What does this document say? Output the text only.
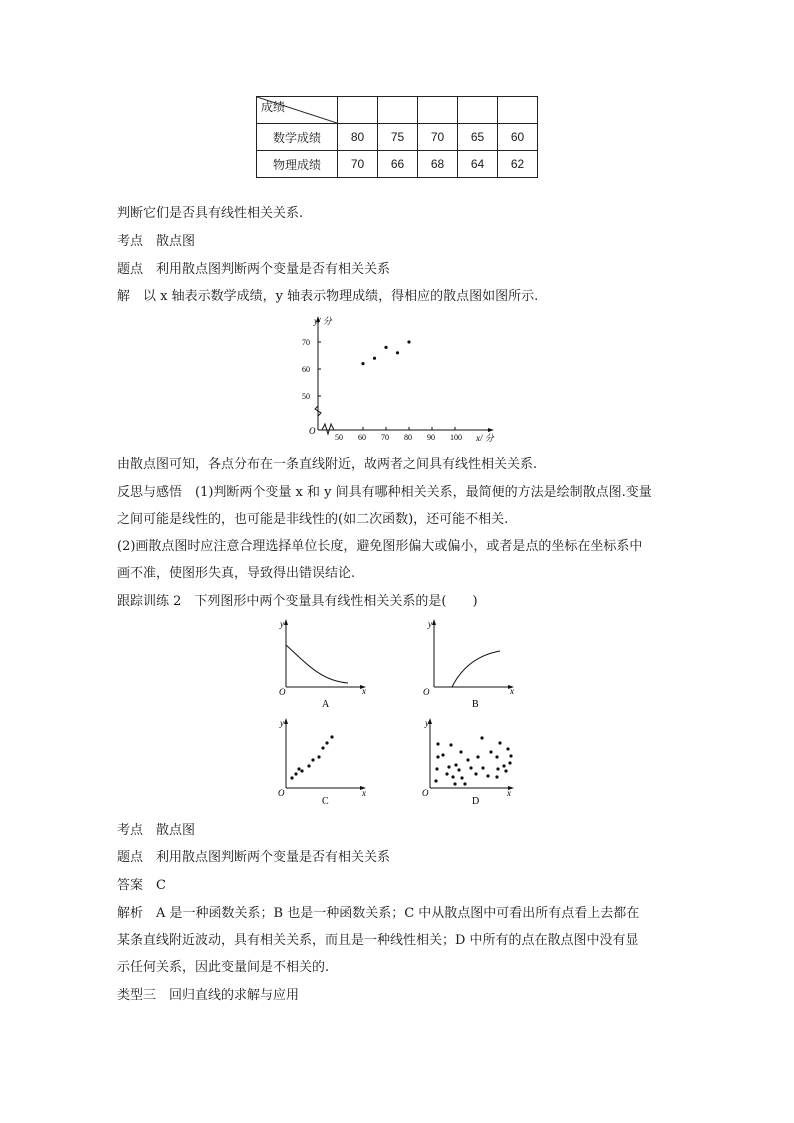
成绩					

数学成绩	80	75	70	65	60
物理成绩	70	66	68	64	62
判断它们是否具有线性相关关系.
考点　 散点图
题点　 利用散点图判断两个变量是否有相关关系
解　以 x 轴表示数学成绩，y 轴表示物理成绩，得相应的散点图如图所示.
50 60 70 80 90 100
50
60
70
y/ 分
x/ 分
O
由散点图可知，各点分布在一条直线附近，故两者之间具有线性相关关系.
反思与感悟　(1)判断两个变量 x 和 y 间具有哪种相关关系，最简便的方法是绘制散点图.变量
之间可能是线性的，也可能是非线性的(如二次函数)，还可能不相关.
(2)画散点图时应注意合理选择单位长度，避免图形偏大或偏小，或者是点的坐标在坐标系中
画不准，使图形失真，导致得出错误结论.
跟踪训练 2　下列图形中两个变量具有线性相关关系的是(　　)
y
x
O
A
y
x
O
B
y
x
O
C
y
x
O
D
考点　 散点图
题点　 利用散点图判断两个变量是否有相关关系
答案　 C
解析　A 是一种函数关系；B 也是一种函数关系；C 中从散点图中可看出所有点看上去都在
某条直线附近波动，具有相关关系，而且是一种线性相关；D 中所有的点在散点图中没有显
示任何关系，因此变量间是不相关的.
类型三　回归直线的求解与应用
